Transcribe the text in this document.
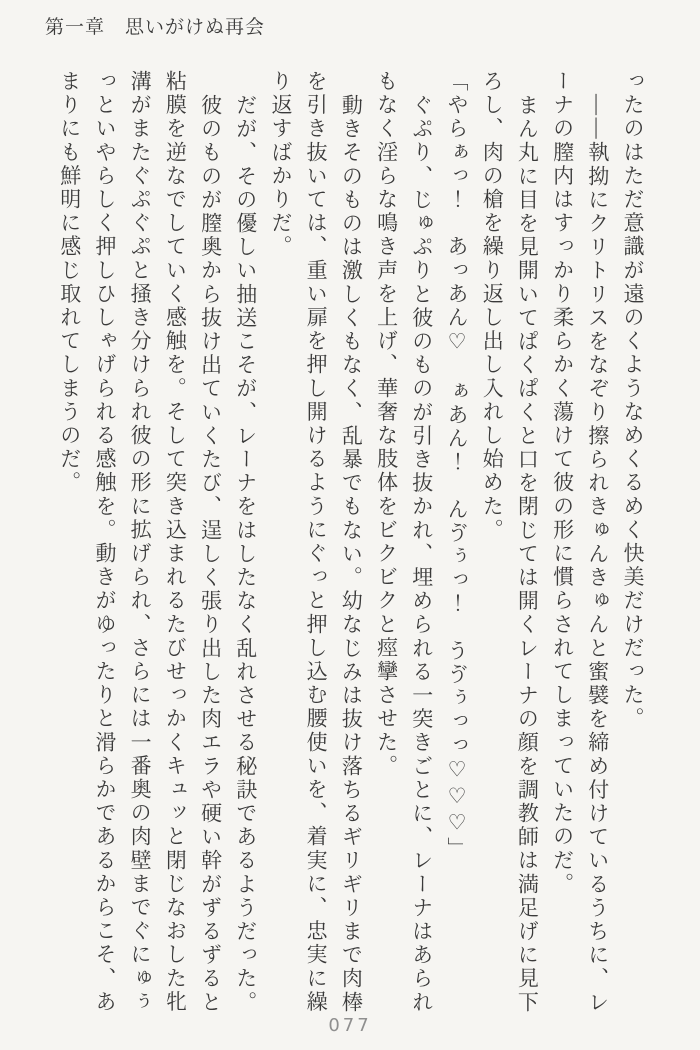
第一章　思いがけぬ再会

ったのはただ意識が遠のくようなめくるめく快美だけだった。

――執拗にクリトリスをなぞり擦られきゅんきゅんと蜜襞を締め付けているうちに、レーナの膣内はすっかり柔らかく蕩けて彼の形に慣らされてしまっていたのだ。

まん丸に目を見開いてぱくぱくと口を閉じては開くレーナの顔を調教師は満足げに見下ろし、肉の槍を繰り返し出し入れし始めた。

「やらぁっ！　あっあん♡　ぁあん！　んゔぅっ！　うゔぅっっ♡♡♡」

ぐぷり、じゅぷりと彼のものが引き抜かれ、埋められる一突きごとに、レーナはあられもなく淫らな鳴き声を上げ、華奢な肢体をビクビクと痙攣させた。

動きそのものは激しくもなく、乱暴でもない。幼なじみは抜け落ちるギリギリまで肉棒を引き抜いては、重い扉を押し開けるようにぐっと押し込む腰使いを、着実に、忠実に繰り返すばかりだ。

だが、その優しい抽送こそが、レーナをはしたなく乱れさせる秘訣であるようだった。

彼のものが膣奥から抜け出ていくたび、逞しく張り出した肉エラや硬い幹がずるずると粘膜を逆なでしていく感触を。そして突き込まれるたびせっかくキュッと閉じなおした牝溝がまたぐぷぐぷと掻き分けられ彼の形に拡げられ、さらには一番奥の肉壁までぐにゅぅっといやらしく押しひしゃげられる感触を。動きがゆったりと滑らかであるからこそ、あまりにも鮮明に感じ取れてしまうのだ。

077
